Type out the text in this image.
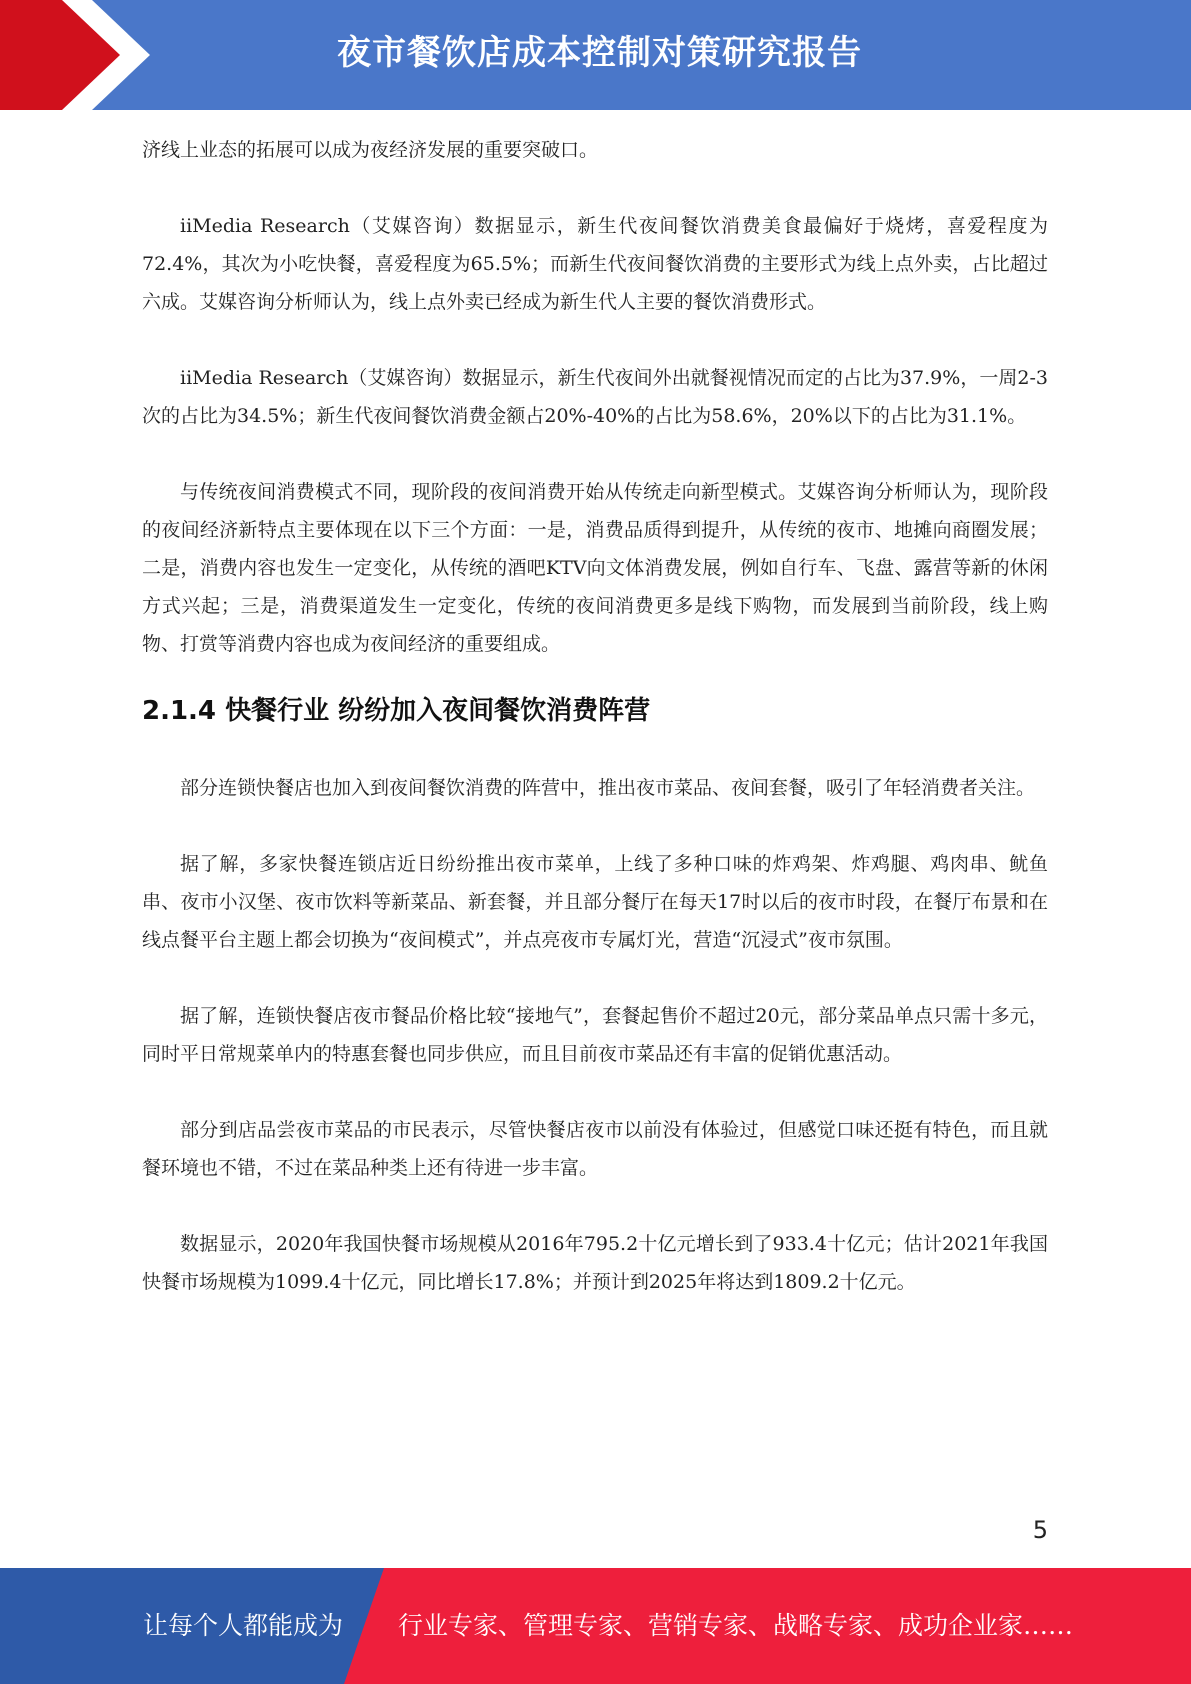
夜市餐饮店成本控制对策研究报告

济线上业态的拓展可以成为夜经济发展的重要突破口。

iiMedia Research（艾媒咨询）数据显示，新生代夜间餐饮消费美食最偏好于烧烤，喜爱程度为72.4%，其次为小吃快餐，喜爱程度为65.5%；而新生代夜间餐饮消费的主要形式为线上点外卖，占比超过六成。艾媒咨询分析师认为，线上点外卖已经成为新生代人主要的餐饮消费形式。

iiMedia Research（艾媒咨询）数据显示，新生代夜间外出就餐视情况而定的占比为37.9%，一周2-3次的占比为34.5%；新生代夜间餐饮消费金额占20%-40%的占比为58.6%，20%以下的占比为31.1%。

与传统夜间消费模式不同，现阶段的夜间消费开始从传统走向新型模式。艾媒咨询分析师认为，现阶段的夜间经济新特点主要体现在以下三个方面：一是，消费品质得到提升，从传统的夜市、地摊向商圈发展；二是，消费内容也发生一定变化，从传统的酒吧KTV向文体消费发展，例如自行车、飞盘、露营等新的休闲方式兴起；三是，消费渠道发生一定变化，传统的夜间消费更多是线下购物，而发展到当前阶段，线上购物、打赏等消费内容也成为夜间经济的重要组成。

2.1.4 快餐行业 纷纷加入夜间餐饮消费阵营

部分连锁快餐店也加入到夜间餐饮消费的阵营中，推出夜市菜品、夜间套餐，吸引了年轻消费者关注。

据了解，多家快餐连锁店近日纷纷推出夜市菜单，上线了多种口味的炸鸡架、炸鸡腿、鸡肉串、鱿鱼串、夜市小汉堡、夜市饮料等新菜品、新套餐，并且部分餐厅在每天17时以后的夜市时段，在餐厅布景和在线点餐平台主题上都会切换为“夜间模式”，并点亮夜市专属灯光，营造“沉浸式”夜市氛围。

据了解，连锁快餐店夜市餐品价格比较“接地气”，套餐起售价不超过20元，部分菜品单点只需十多元，同时平日常规菜单内的特惠套餐也同步供应，而且目前夜市菜品还有丰富的促销优惠活动。

部分到店品尝夜市菜品的市民表示，尽管快餐店夜市以前没有体验过，但感觉口味还挺有特色，而且就餐环境也不错，不过在菜品种类上还有待进一步丰富。

数据显示，2020年我国快餐市场规模从2016年795.2十亿元增长到了933.4十亿元；估计2021年我国快餐市场规模为1099.4十亿元，同比增长17.8%；并预计到2025年将达到1809.2十亿元。

5
让每个人都能成为 行业专家、管理专家、营销专家、战略专家、成功企业家……
